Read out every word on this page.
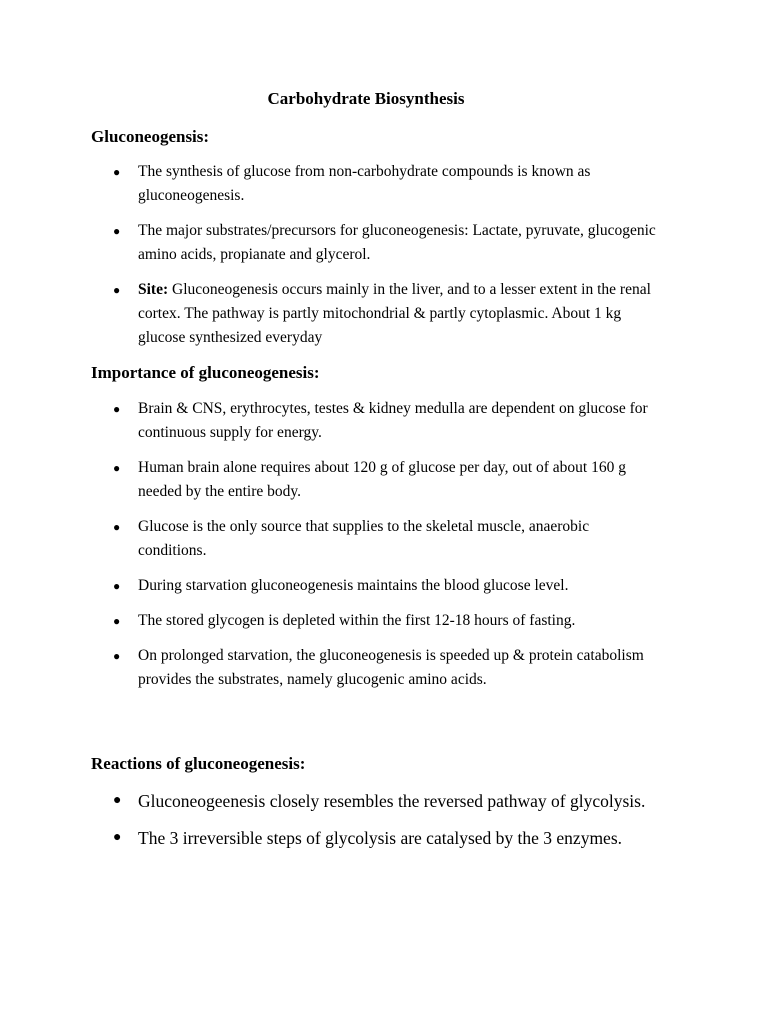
Carbohydrate Biosynthesis
Gluconeogensis:
● The synthesis of glucose from non-carbohydrate compounds is known as gluconeogenesis.
● The major substrates/precursors for gluconeogenesis: Lactate, pyruvate, glucogenic amino acids, propianate and glycerol.
● Site: Gluconeogenesis occurs mainly in the liver, and to a lesser extent in the renal cortex. The pathway is partly mitochondrial & partly cytoplasmic. About 1 kg glucose synthesized everyday
Importance of gluconeogenesis:
● Brain & CNS, erythrocytes, testes & kidney medulla are dependent on glucose for continuous supply for energy.
● Human brain alone requires about 120 g of glucose per day, out of about 160 g needed by the entire body.
● Glucose is the only source that supplies to the skeletal muscle, anaerobic conditions.
● During starvation gluconeogenesis maintains the blood glucose level.
● The stored glycogen is depleted within the first 12-18 hours of fasting.
● On prolonged starvation, the gluconeogenesis is speeded up & protein catabolism provides the substrates, namely glucogenic amino acids.
Reactions of gluconeogenesis:
● Gluconeogeenesis closely resembles the reversed pathway of glycolysis.
● The 3 irreversible steps of glycolysis are catalysed by the 3 enzymes.
